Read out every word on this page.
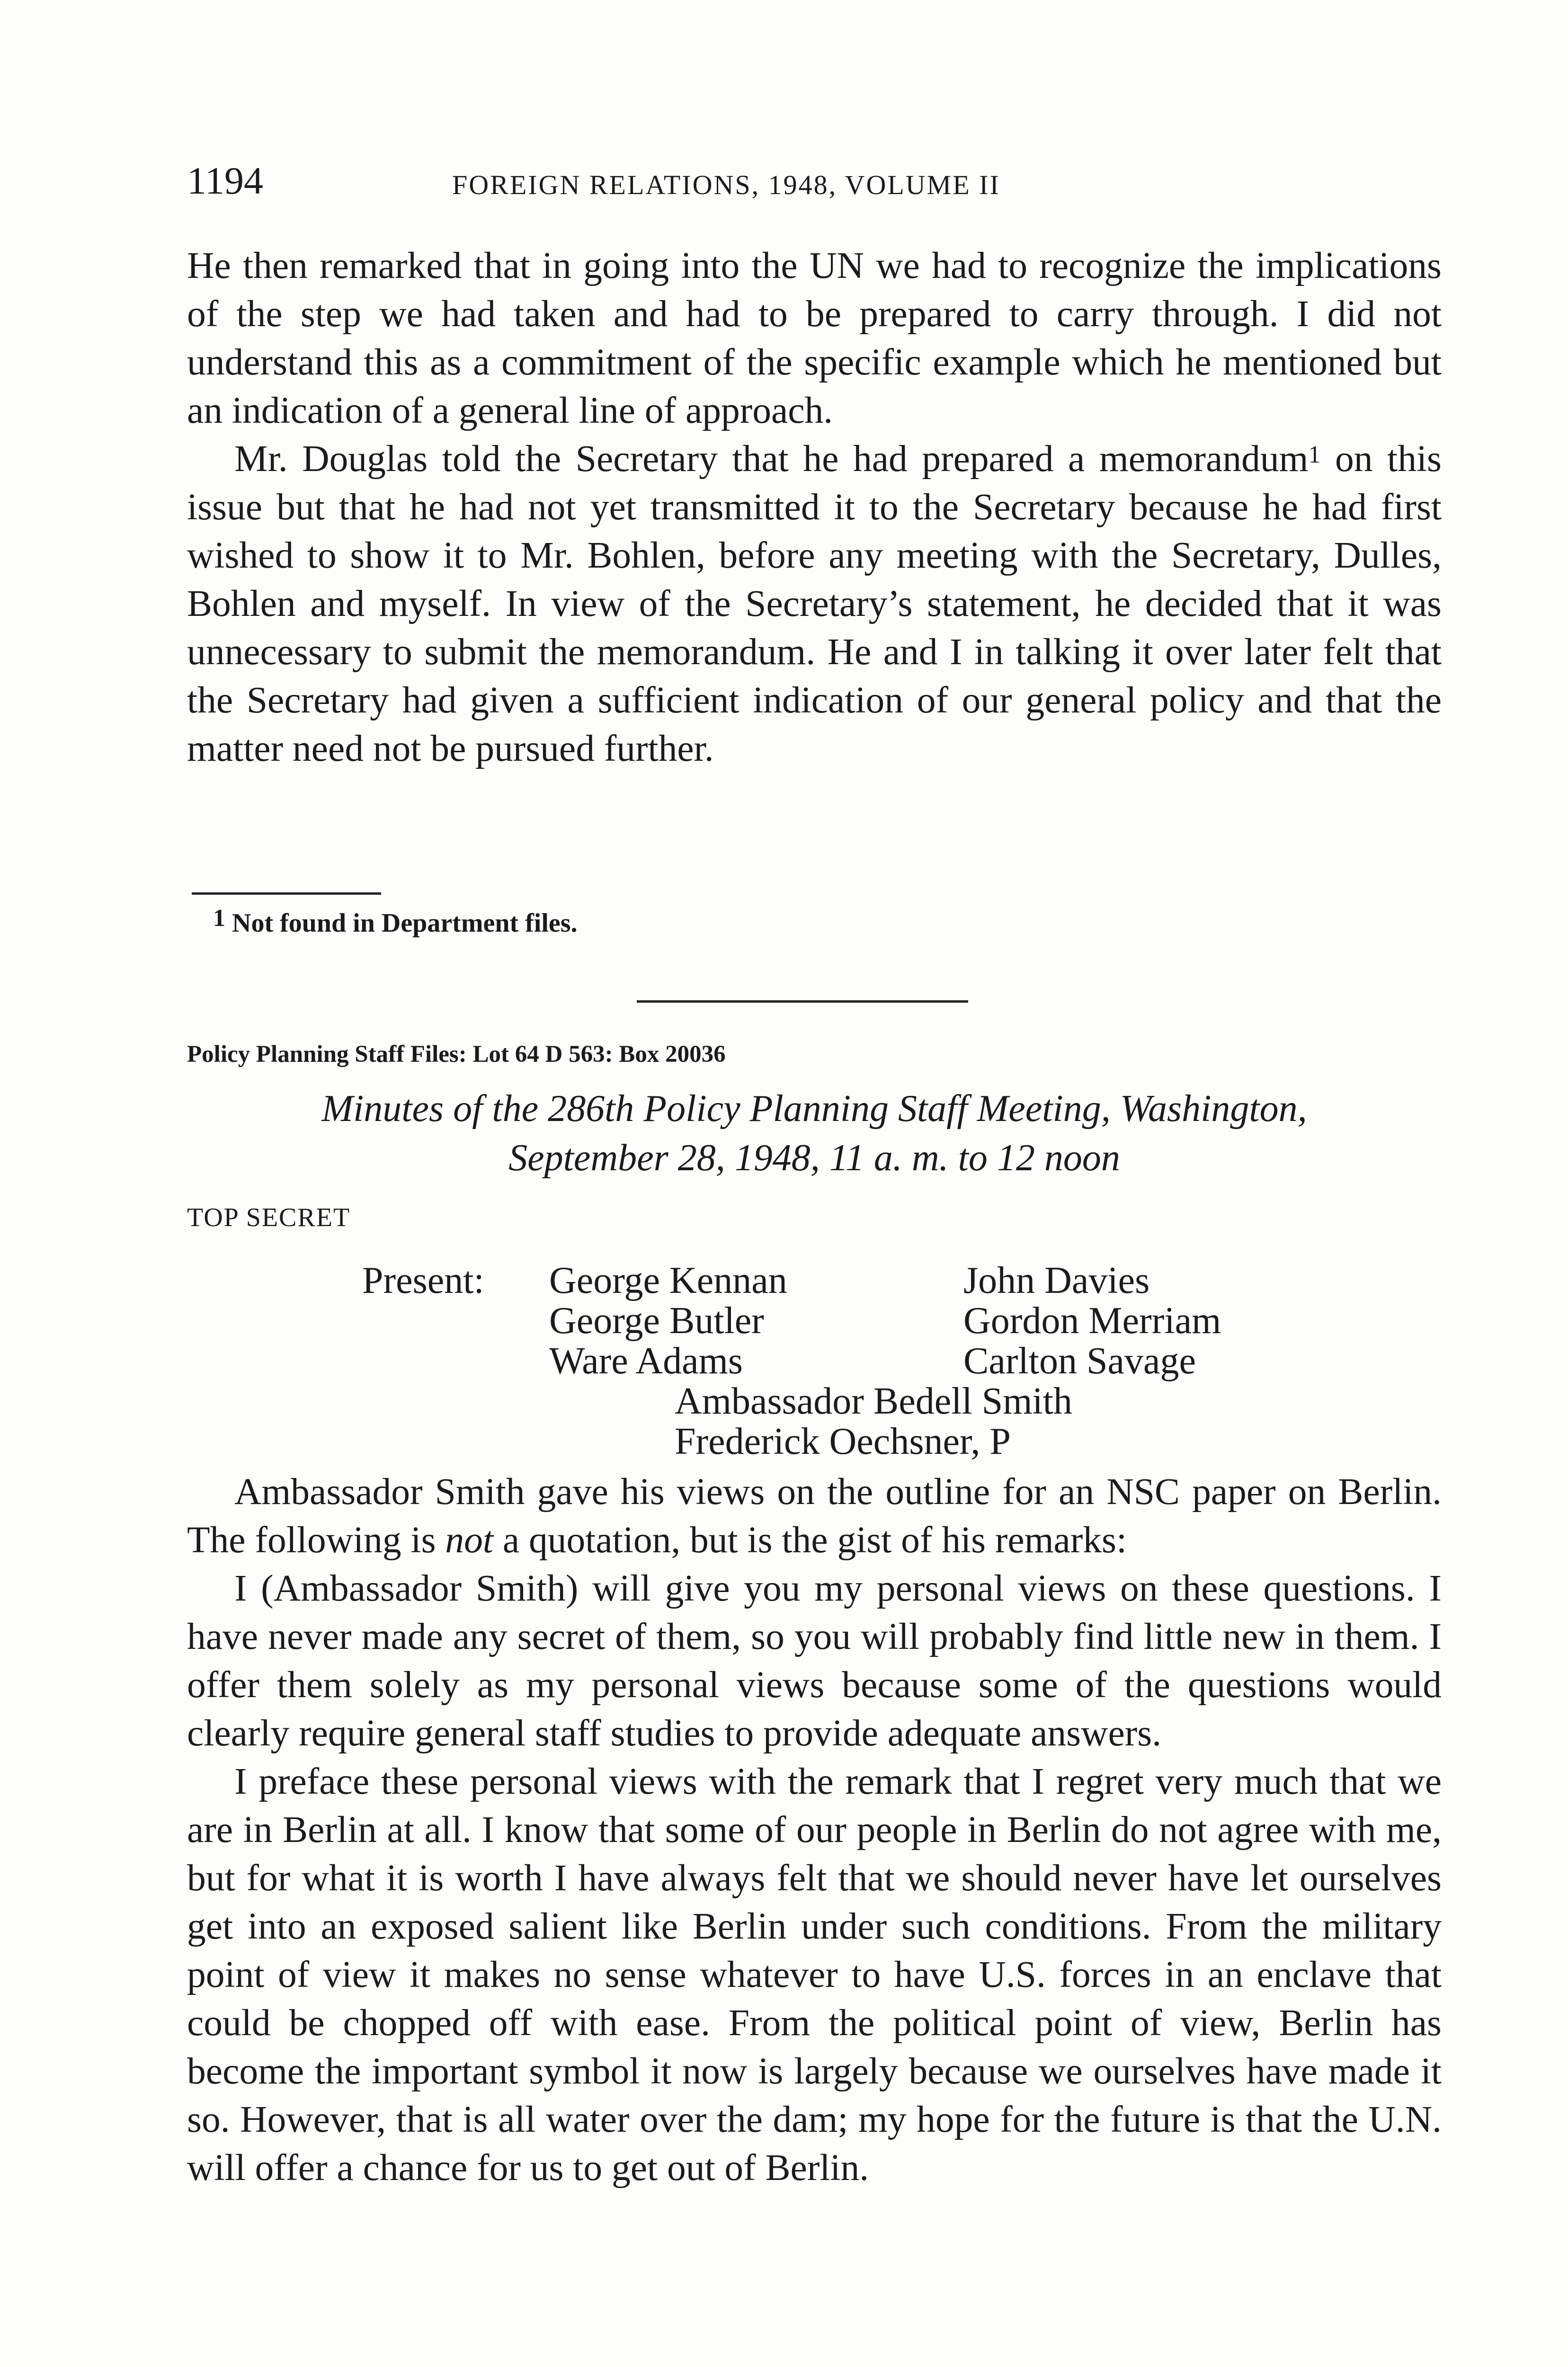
1194	FOREIGN RELATIONS, 1948, VOLUME II

He then remarked that in going into the UN we had to recognize the implications of the step we had taken and had to be prepared to carry through. I did not understand this as a commitment of the specific example which he mentioned but an indication of a general line of approach.

Mr. Douglas told the Secretary that he had prepared a memorandum$^1$ on this issue but that he had not yet transmitted it to the Secretary because he had first wished to show it to Mr. Bohlen, before any meeting with the Secretary, Dulles, Bohlen and myself. In view of the Secretary’s statement, he decided that it was unnecessary to submit the memorandum. He and I in talking it over later felt that the Secretary had given a sufficient indication of our general policy and that the matter need not be pursued further.

1 Not found in Department files.
Policy Planning Staff Files: Lot 64 D 563: Box 20036
Minutes of the 286th Policy Planning Staff Meeting, Washington,
September 28, 1948, 11 a. m. to 12 noon
TOP SECRET
Present: George Kennan	John Davies
George Butler	Gordon Merriam
Ware Adams	Carlton Savage
Ambassador Bedell Smith
Frederick Oechsner, P

Ambassador Smith gave his views on the outline for an NSC paper on Berlin. The following is not a quotation, but is the gist of his remarks:

I (Ambassador Smith) will give you my personal views on these questions. I have never made any secret of them, so you will probably find little new in them. I offer them solely as my personal views because some of the questions would clearly require general staff studies to provide adequate answers.

I preface these personal views with the remark that I regret very much that we are in Berlin at all. I know that some of our people in Berlin do not agree with me, but for what it is worth I have always felt that we should never have let ourselves get into an exposed salient like Berlin under such conditions. From the military point of view it makes no sense whatever to have U.S. forces in an enclave that could be chopped off with ease. From the political point of view, Berlin has become the important symbol it now is largely because we ourselves have made it so. However, that is all water over the dam; my hope for the future is that the U.N. will offer a chance for us to get out of Berlin.
